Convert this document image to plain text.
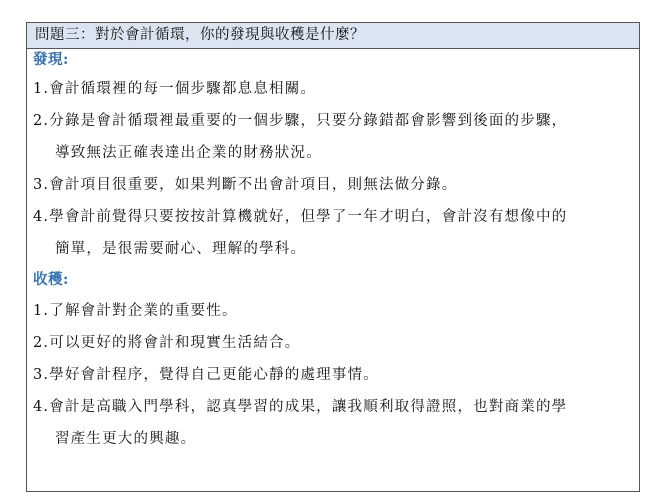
問題三：對於會計循環，你的發現與收穫是什麼？
發現:
1.會計循環裡的每一個步驟都息息相關。
2.分錄是會計循環裡最重要的一個步驟，只要分錄錯都會影響到後面的步驟，
導致無法正確表達出企業的財務狀況。
3.會計項目很重要，如果判斷不出會計項目，則無法做分錄。
4.學會計前覺得只要按按計算機就好，但學了一年才明白，會計沒有想像中的
簡單，是很需要耐心、理解的學科。
收穫:
1.了解會計對企業的重要性。
2.可以更好的將會計和現實生活結合。
3.學好會計程序，覺得自己更能心靜的處理事情。
4.會計是高職入門學科，認真學習的成果，讓我順利取得證照，也對商業的學
習產生更大的興趣。
